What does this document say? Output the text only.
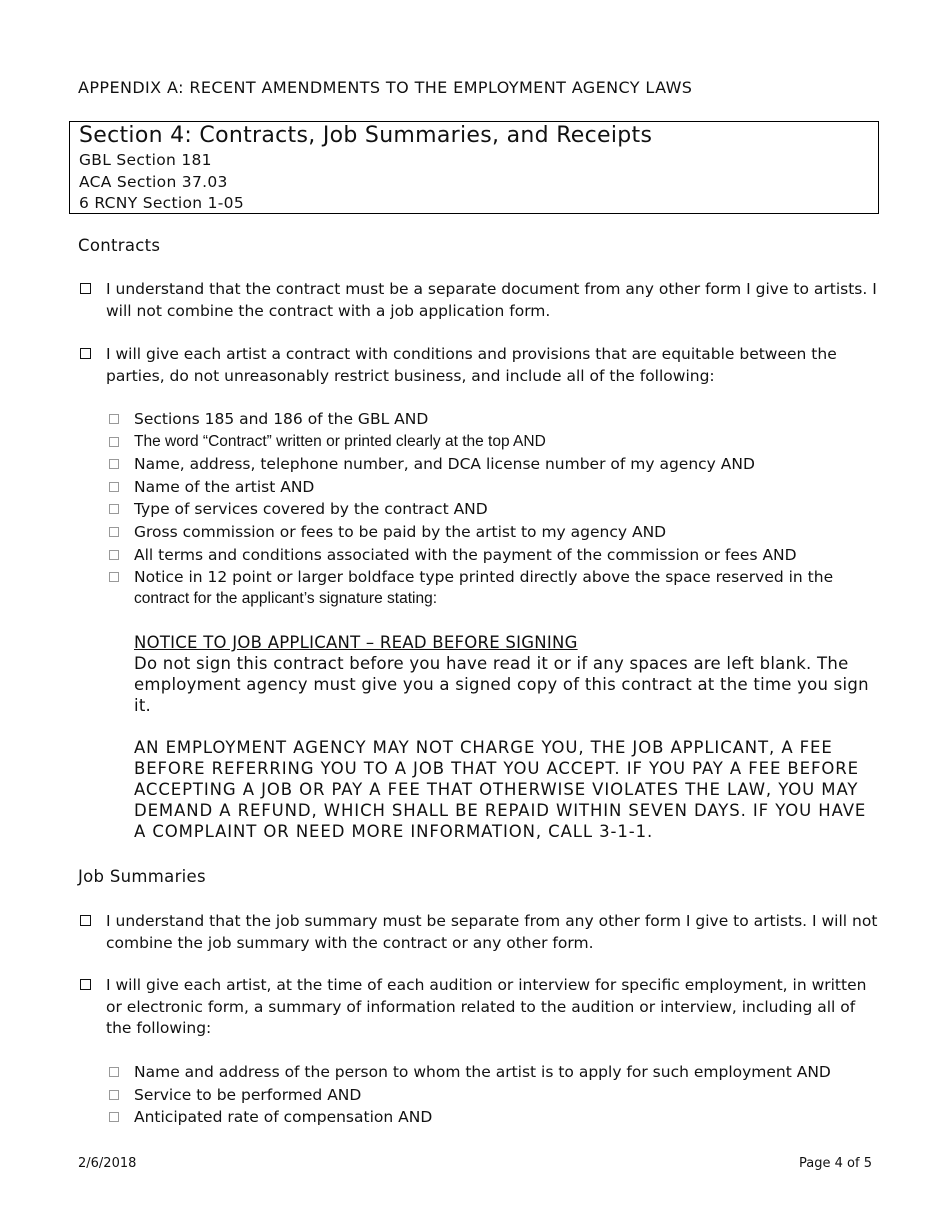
APPENDIX A: RECENT AMENDMENTS TO THE EMPLOYMENT AGENCY LAWS
Section 4: Contracts, Job Summaries, and Receipts
GBL Section 181
ACA Section 37.03
6 RCNY Section 1-05
Contracts
I understand that the contract must be a separate document from any other form I give to artists. I will not combine the contract with a job application form.
I will give each artist a contract with conditions and provisions that are equitable between the parties, do not unreasonably restrict business, and include all of the following:
Sections 185 and 186 of the GBL AND
The word “Contract” written or printed clearly at the top AND
Name, address, telephone number, and DCA license number of my agency AND
Name of the artist AND
Type of services covered by the contract AND
Gross commission or fees to be paid by the artist to my agency AND
All terms and conditions associated with the payment of the commission or fees AND
Notice in 12 point or larger boldface type printed directly above the space reserved in the
contract for the applicant’s signature stating:
NOTICE TO JOB APPLICANT – READ BEFORE SIGNING
Do not sign this contract before you have read it or if any spaces are left blank. The employment agency must give you a signed copy of this contract at the time you sign it.
AN EMPLOYMENT AGENCY MAY NOT CHARGE YOU, THE JOB APPLICANT, A FEE BEFORE REFERRING YOU TO A JOB THAT YOU ACCEPT. IF YOU PAY A FEE BEFORE ACCEPTING A JOB OR PAY A FEE THAT OTHERWISE VIOLATES THE LAW, YOU MAY DEMAND A REFUND, WHICH SHALL BE REPAID WITHIN SEVEN DAYS. IF YOU HAVE A COMPLAINT OR NEED MORE INFORMATION, CALL 3-1-1.
Job Summaries
I understand that the job summary must be separate from any other form I give to artists. I will not combine the job summary with the contract or any other form.
I will give each artist, at the time of each audition or interview for specific employment, in written or electronic form, a summary of information related to the audition or interview, including all of the following:
Name and address of the person to whom the artist is to apply for such employment AND
Service to be performed AND
Anticipated rate of compensation AND
2/6/2018	Page 4 of 5
